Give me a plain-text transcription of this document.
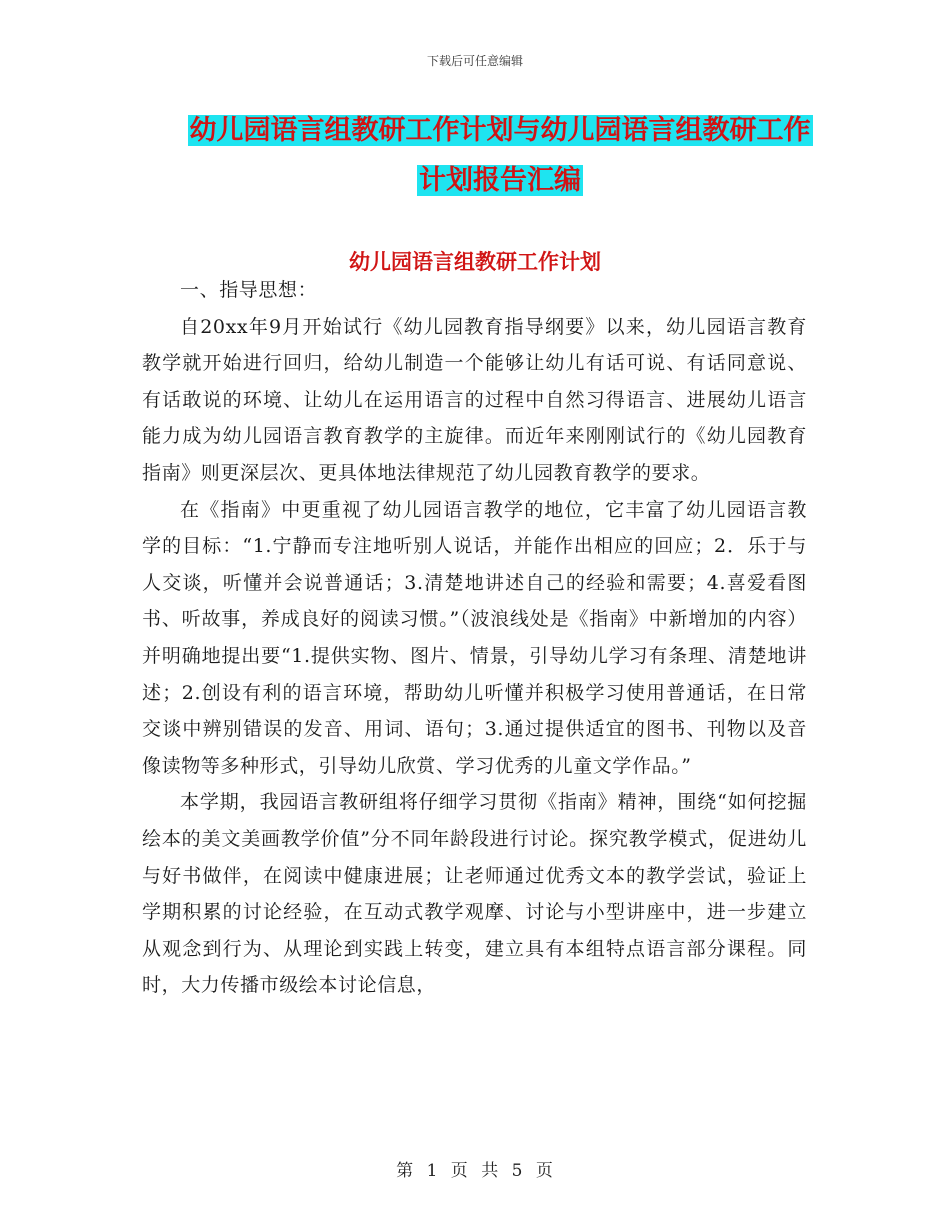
下载后可任意编辑
幼儿园语言组教研工作计划与幼儿园语言组教研工作
计划报告汇编
幼儿园语言组教研工作计划

一、指导思想：

自20xx年9月开始试行《幼儿园教育指导纲要》以来，幼儿园语言教育教学就开始进行回归，给幼儿制造一个能够让幼儿有话可说、有话同意说、有话敢说的环境、让幼儿在运用语言的过程中自然习得语言、进展幼儿语言能力成为幼儿园语言教育教学的主旋律。而近年来刚刚试行的《幼儿园教育指南》则更深层次、更具体地法律规范了幼儿园教育教学的要求。

在《指南》中更重视了幼儿园语言教学的地位，它丰富了幼儿园语言教学的目标：“1.宁静而专注地听别人说话，并能作出相应的回应；2．乐于与人交谈，听懂并会说普通话；3.清楚地讲述自己的经验和需要；4.喜爱看图书、听故事，养成良好的阅读习惯。”（波浪线处是《指南》中新增加的内容）并明确地提出要“1.提供实物、图片、情景，引导幼儿学习有条理、清楚地讲述；2.创设有利的语言环境，帮助幼儿听懂并积极学习使用普通话，在日常交谈中辨别错误的发音、用词、语句；3.通过提供适宜的图书、刊物以及音像读物等多种形式，引导幼儿欣赏、学习优秀的儿童文学作品。”

本学期，我园语言教研组将仔细学习贯彻《指南》精神，围绕“如何挖掘绘本的美文美画教学价值”分不同年龄段进行讨论。探究教学模式，促进幼儿与好书做伴，在阅读中健康进展；让老师通过优秀文本的教学尝试，验证上学期积累的讨论经验，在互动式教学观摩、讨论与小型讲座中，进一步建立从观念到行为、从理论到实践上转变，建立具有本组特点语言部分课程。同时，大力传播市级绘本讨论信息，

第 1 页 共 5 页
